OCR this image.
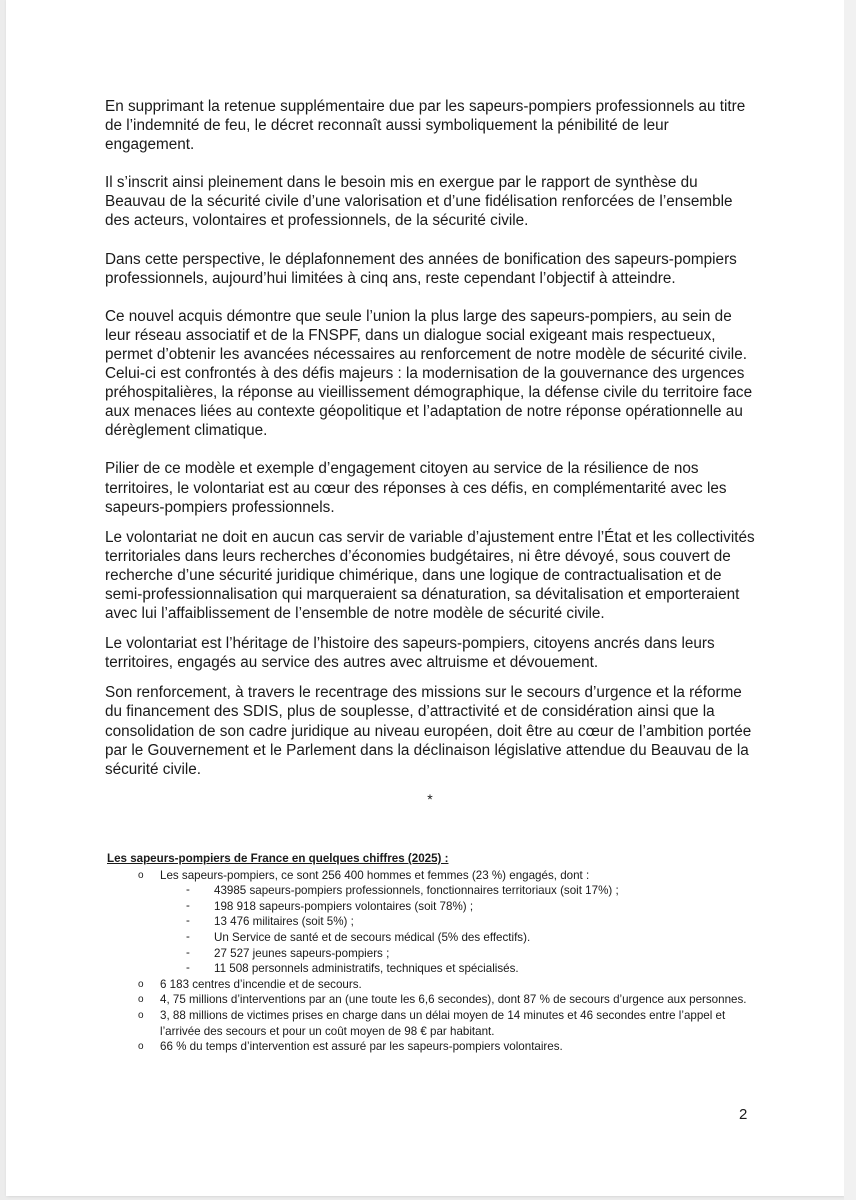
En supprimant la retenue supplémentaire due par les sapeurs-pompiers professionnels au titre de l’indemnité de feu, le décret reconnaît aussi symboliquement la pénibilité de leur engagement.

Il s’inscrit ainsi pleinement dans le besoin mis en exergue par le rapport de synthèse du Beauvau de la sécurité civile d’une valorisation et d’une fidélisation renforcées de l’ensemble des acteurs, volontaires et professionnels, de la sécurité civile.

Dans cette perspective, le déplafonnement des années de bonification des sapeurs-pompiers professionnels, aujourd’hui limitées à cinq ans, reste cependant l’objectif à atteindre.

Ce nouvel acquis démontre que seule l’union la plus large des sapeurs-pompiers, au sein de leur réseau associatif et de la FNSPF, dans un dialogue social exigeant mais respectueux, permet d’obtenir les avancées nécessaires au renforcement de notre modèle de sécurité civile. Celui-ci est confrontés à des défis majeurs : la modernisation de la gouvernance des urgences préhospitalières, la réponse au vieillissement démographique, la défense civile du territoire face aux menaces liées au contexte géopolitique et l’adaptation de notre réponse opérationnelle au dérèglement climatique.

Pilier de ce modèle et exemple d’engagement citoyen au service de la résilience de nos territoires, le volontariat est au cœur des réponses à ces défis, en complémentarité avec les sapeurs-pompiers professionnels.

Le volontariat ne doit en aucun cas servir de variable d’ajustement entre l’État et les collectivités territoriales dans leurs recherches d’économies budgétaires, ni être dévoyé, sous couvert de recherche d’une sécurité juridique chimérique, dans une logique de contractualisation et de semi-professionnalisation qui marqueraient sa dénaturation, sa dévitalisation et emporteraient avec lui l’affaiblissement de l’ensemble de notre modèle de sécurité civile.

Le volontariat est l’héritage de l’histoire des sapeurs-pompiers, citoyens ancrés dans leurs territoires, engagés au service des autres avec altruisme et dévouement.

Son renforcement, à travers le recentrage des missions sur le secours d’urgence et la réforme du financement des SDIS, plus de souplesse, d’attractivité et de considération ainsi que la consolidation de son cadre juridique au niveau européen, doit être au cœur de l’ambition portée par le Gouvernement et le Parlement dans la déclinaison législative attendue du Beauvau de la sécurité civile.

*

Les sapeurs-pompiers de France en quelques chiffres (2025) :

o Les sapeurs-pompiers, ce sont 256 400 hommes et femmes (23 %) engagés, dont :
- 43985 sapeurs-pompiers professionnels, fonctionnaires territoriaux (soit 17%) ;
- 198 918 sapeurs-pompiers volontaires (soit 78%) ;
- 13 476 militaires (soit 5%) ;
- Un Service de santé et de secours médical (5% des effectifs).
- 27 527 jeunes sapeurs-pompiers ;
- 11 508 personnels administratifs, techniques et spécialisés.
o 6 183 centres d’incendie et de secours.
o 4, 75 millions d’interventions par an (une toute les 6,6 secondes), dont 87 % de secours d’urgence aux personnes.
o 3, 88 millions de victimes prises en charge dans un délai moyen de 14 minutes et 46 secondes entre l’appel et l’arrivée des secours et pour un coût moyen de 98 € par habitant.
o 66 % du temps d’intervention est assuré par les sapeurs-pompiers volontaires.
2
